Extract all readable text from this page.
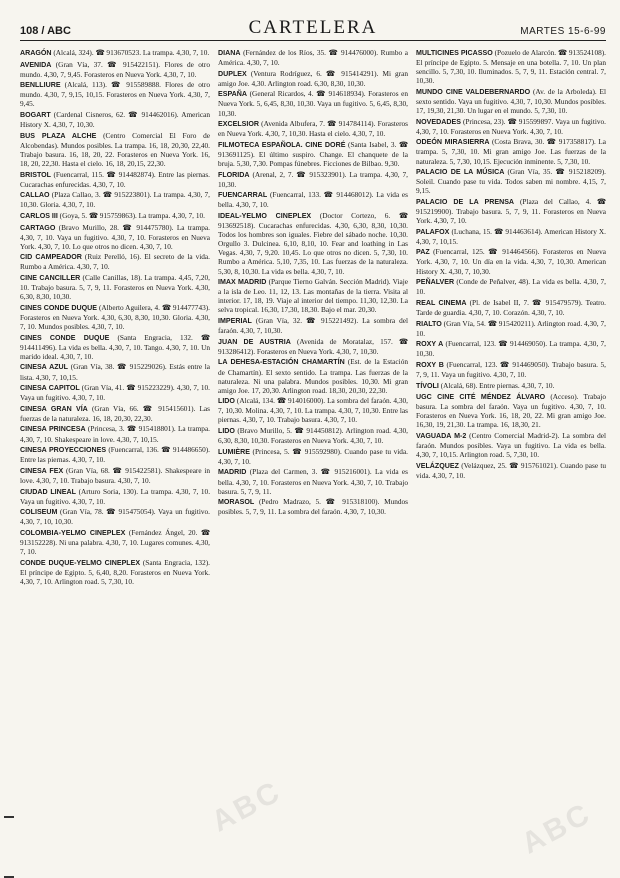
108 / ABC	CARTELERA	MARTES 15-6-99

ARAGÓN (Alcalá, 324). ☎ 913670523. La trampa. 4,30, 7, 10.

AVENIDA (Gran Vía, 37. ☎ 915422151). Flores de otro mundo. 4,30, 7, 9,45. Forasteros en Nueva York. 4,30, 7, 10.

BENLLIURE (Alcalá, 113). ☎ 915589888. Flores de otro mundo. 4,30, 7, 9,15, 10,15. Forasteros en Nueva York. 4,30, 7, 9,45.

BOGART (Cardenal Cisneros, 62. ☎ 914462016). American History X. 4,30, 7, 10,30.

BUS PLAZA ALCHE (Centro Comercial El Foro de Alcobendas). Mundos posibles. La trampa. 16, 18, 20,30, 22,40. Trabajo basura. 16, 18, 20, 22. Forasteros en Nueva York. 16, 18, 20, 22,30. Hasta el cielo. 16, 18, 20,15, 22,30.

BRISTOL (Fuencarral, 115. ☎ 914482874). Entre las piernas. Cucarachas enfurecidas. 4,30, 7, 10.

CALLAO (Plaza Callao, 3. ☎ 915223801). La trampa. 4,30, 7, 10,30. Gloria. 4,30, 7, 10.

CARLOS III (Goya, 5. ☎ 915759863). La trampa. 4,30, 7, 10.

CARTAGO (Bravo Murillo, 28. ☎ 914475780). La trampa. 4,30, 7, 10. Vaya un fugitivo. 4,30, 7, 10. Forasteros en Nueva York. 4,30, 7, 10. Lo que otros no dicen. 4,30, 7, 10.

CID CAMPEADOR (Ruiz Perelló, 16). El secreto de la vida. Rumbo a América. 4,30, 7, 10.

CINE CANCILLER (Calle Canillas, 18). La trampa. 4,45, 7,20, 10. Trabajo basura. 5, 7, 9, 11. Forasteros en Nueva York. 4,30, 6,30, 8,30, 10,30.

CINES CONDE DUQUE (Alberto Aguilera, 4. ☎ 914477743). Forasteros en Nueva York. 4,30, 6,30, 8,30, 10,30. Gloria. 4,30, 7, 10. Mundos posibles. 4,30, 7, 10.

CINES CONDE DUQUE (Santa Engracia, 132. ☎ 914411496). La vida es bella. 4,30, 7, 10. Tango. 4,30, 7, 10. Un marido ideal. 4,30, 7, 10.

CINESA AZUL (Gran Vía, 38. ☎ 915229026). Estás entre la lista. 4,30, 7, 10,15.

CINESA CAPITOL (Gran Vía, 41. ☎ 915223229). 4,30, 7, 10. Vaya un fugitivo. 4,30, 7, 10.

CINESA GRAN VÍA (Gran Vía, 66. ☎ 915415601). Las fuerzas de la naturaleza. 16, 18, 20,30, 22,30.

CINESA PRINCESA (Princesa, 3. ☎ 915418801). La trampa. 4,30, 7, 10. Shakespeare in love. 4,30, 7, 10,15.

CINESA PROYECCIONES (Fuencarral, 136. ☎ 914486650). Entre las piernas. 4,30, 7, 10.

CINESA FEX (Gran Vía, 68. ☎ 915422581). Shakespeare in love. 4,30, 7, 10. Trabajo basura. 4,30, 7, 10.

CIUDAD LINEAL (Arturo Soria, 130). La trampa. 4,30, 7, 10. Vaya un fugitivo. 4,30, 7, 10.

COLISEUM (Gran Vía, 78. ☎ 915475054). Vaya un fugitivo. 4,30, 7, 10, 10,30.

COLOMBIA-YELMO CINEPLEX (Fernández Ángel, 20. ☎ 913152228). Ni una palabra. 4,30, 7, 10. Lugares comunes. 4,30, 7, 10.

CONDE DUQUE-YELMO CINEPLEX (Santa Engracia, 132). El príncipe de Egipto. 5, 6,40, 8,20. Forasteros en Nueva York. 4,30, 7, 10. Arlington road. 5, 7,30, 10.

DIANA (Fernández de los Ríos, 35. ☎ 914476000). Rumbo a América. 4,30, 7, 10.

DUPLEX (Ventura Rodríguez, 6. ☎ 915414291). Mi gran amigo Joe. 4,30. Arlington road. 6,30, 8,30, 10,30.

ESPAÑA (General Ricardos, 4. ☎ 914618934). Forasteros en Nueva York. 5, 6,45, 8,30, 10,30. Vaya un fugitivo. 5, 6,45, 8,30, 10,30.

EXCELSIOR (Avenida Albufera, 7. ☎ 914784114). Forasteros en Nueva York. 4,30, 7, 10,30. Hasta el cielo. 4,30, 7, 10.

FILMOTECA ESPAÑOLA. CINE DORÉ (Santa Isabel, 3. ☎ 913691125). El último suspiro. Change. El chanquete de la bruja. 5,30, 7,30. Pompas fúnebres. Ficciones de Bilbao. 9,30.

FLORIDA (Arenal, 2, 7. ☎ 915323901). La trampa. 4,30, 7, 10,30.

FUENCARRAL (Fuencarral, 133. ☎ 914468012). La vida es bella. 4,30, 7, 10.

IDEAL-YELMO CINEPLEX (Doctor Cortezo, 6. ☎ 913692518). Cucarachas enfurecidas. 4,30, 6,30, 8,30, 10,30. Todos los hombres son iguales. Fiebre del sábado noche. 10,30. Orgullo 3. Dulcinea. 6,10, 8,10, 10. Fear and loathing in Las Vegas. 4,30, 7, 9,20. 10,45. Lo que otros no dicen. 5, 7,30, 10. Rumbo a América. 5,10, 7,35, 10. Las fuerzas de la naturaleza. 5,30, 8, 10,30. La vida es bella. 4,30, 7, 10.

IMAX MADRID (Parque Tierno Galván. Sección Madrid). Viaje a la isla de Leo. 11, 12, 13. Las montañas de la tierra. Visita al interior. 17, 18, 19. Viaje al interior del tiempo. 11,30, 12,30. La selva tropical. 16,30, 17,30, 18,30. Bajo el mar. 20,30.

IMPERIAL (Gran Vía, 32. ☎ 915221492). La sombra del faraón. 4,30, 7, 10,30.

JUAN DE AUSTRIA (Avenida de Moratalaz, 157. ☎ 913286412). Forasteros en Nueva York. 4,30, 7, 10,30.

LA DEHESA-ESTACIÓN CHAMARTÍN (Est. de la Estación de Chamartín). El sexto sentido. La trampa. Las fuerzas de la naturaleza. Ni una palabra. Mundos posibles. 10,30. Mi gran amigo Joe. 17, 20,30. Arlington road. 18,30, 20,30, 22,30.

LIDO (Alcalá, 134. ☎ 914016000). La sombra del faraón. 4,30, 7, 10,30. Molina. 4,30, 7, 10. La trampa. 4,30, 7, 10,30. Entre las piernas. 4,30, 7, 10. Trabajo basura. 4,30, 7, 10.

LIDO (Bravo Murillo, 5. ☎ 914450812). Arlington road. 4,30, 6,30, 8,30, 10,30. Forasteros en Nueva York. 4,30, 7, 10.

LUMIÈRE (Princesa, 5. ☎ 915592980). Cuando pase tu vida. 4,30, 7, 10.

MADRID (Plaza del Carmen, 3. ☎ 915216001). La vida es bella. 4,30, 7, 10. Forasteros en Nueva York. 4,30, 7, 10. Trabajo basura. 5, 7, 9, 11.

MORASOL (Pedro Madrazo, 5. ☎ 915318100). Mundos posibles. 5, 7, 9, 11. La sombra del faraón. 4,30, 7, 10,30.

MULTICINES PICASSO (Pozuelo de Alarcón. ☎ 913524108). El príncipe de Egipto. 5. Mensaje en una botella. 7, 10. Un plan sencillo. 5, 7,30, 10. Iluminados. 5, 7, 9, 11. Estación central. 7, 10,30.

MUNDO CINE VALDEBERNARDO (Av. de la Arboleda). El sexto sentido. Vaya un fugitivo. 4,30, 7, 10,30. Mundos posibles. 17, 19,30, 21,30. Un lugar en el mundo. 5, 7,30, 10.

NOVEDADES (Princesa, 23). ☎ 915599897. Vaya un fugitivo. 4,30, 7, 10. Forasteros en Nueva York. 4,30, 7, 10.

ODEÓN MIRASIERRA (Costa Brava, 30. ☎ 917358817). La trampa. 5, 7,30, 10. Mi gran amigo Joe. Las fuerzas de la naturaleza. 5, 7,30, 10,15. Ejecución inminente. 5, 7,30, 10.

PALACIO DE LA MÚSICA (Gran Vía, 35. ☎ 915218209). Soleil. Cuando pase tu vida. Todos saben mi nombre. 4,15, 7, 9,15.

PALACIO DE LA PRENSA (Plaza del Callao, 4. ☎ 915219900). Trabajo basura. 5, 7, 9, 11. Forasteros en Nueva York. 4,30, 7, 10.

PALAFOX (Luchana, 15. ☎ 914463614). American History X. 4,30, 7, 10,15.

PAZ (Fuencarral, 125. ☎ 914464566). Forasteros en Nueva York. 4,30, 7, 10. Un día en la vida. 4,30, 7, 10,30. American History X. 4,30, 7, 10,30.

PEÑALVER (Conde de Peñalver, 48). La vida es bella. 4,30, 7, 10.

REAL CINEMA (Pl. de Isabel II, 7. ☎ 915479579). Teatro. Tarde de guardia. 4,30, 7, 10. Corazón. 4,30, 7, 10.

RIALTO (Gran Vía, 54. ☎ 915420211). Arlington road. 4,30, 7, 10.

ROXY A (Fuencarral, 123. ☎ 914469050). La trampa. 4,30, 7, 10,30.

ROXY B (Fuencarral, 123. ☎ 914469050). Trabajo basura. 5, 7, 9, 11. Vaya un fugitivo. 4,30, 7, 10.

TÍVOLI (Alcalá, 68). Entre piernas. 4,30, 7, 10.

UGC CINE CITÉ MÉNDEZ ÁLVARO (Acceso). Trabajo basura. La sombra del faraón. Vaya un fugitivo. 4,30, 7, 10. Forasteros en Nueva York. 16, 18, 20, 22. Mi gran amigo Joe. 16,30, 19, 21,30. La trampa. 16, 18,30, 21.

VAGUADA M-2 (Centro Comercial Madrid-2). La sombra del faraón. Mundos posibles. Vaya un fugitivo. La vida es bella. 4,30, 7, 10,15. Arlington road. 5, 7,30, 10.

VELÁZQUEZ (Velázquez, 25. ☎ 915761021). Cuando pase tu vida. 4,30, 7, 10.

ABC	ABC
